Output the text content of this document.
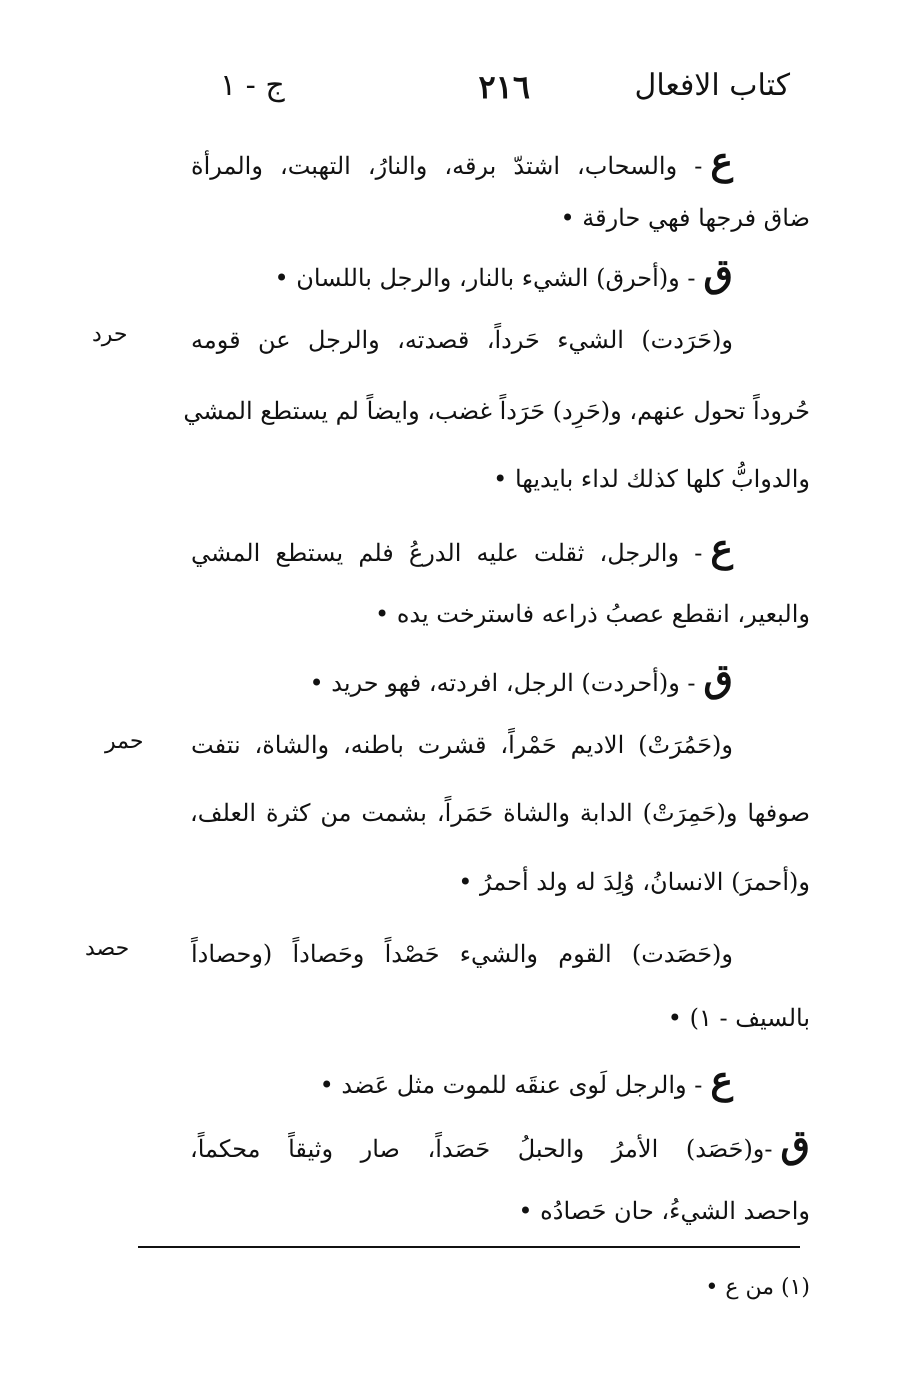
كتاب الافعال
٢١٦
ج - ١
ع- والسحاب، اشتدّ برقه، والنارُ، التهبت، والمرأة
ضاق فرجها فهي حارقة •
ق- و(أحرق) الشيء بالنار، والرجل باللسان •
و(حَرَدت) الشيء حَرداً، قصدته، والرجل عن قومه
حُروداً تحول عنهم، و(حَرِد) حَرَداً غضب، وايضاً لم يستطع المشي
والدوابُّ كلها كذلك لداء بايديها •
ع- والرجل، ثقلت عليه الدرعُ فلم يستطع المشي
والبعير، انقطع عصبُ ذراعه فاسترخت يده •
ق- و(أحردت) الرجل، افردته، فهو حريد •
و(حَمُرَتْ) الاديم حَمْراً، قشرت باطنه، والشاة، نتفت
صوفها و(حَمِرَتْ) الدابة والشاة حَمَراً، بشمت من كثرة العلف،
و(أحمرَ) الانسانُ، وُلِدَ له ولد أحمرُ •
و(حَصَدت) القوم والشيء حَصْداً وحَصاداً (وحصاداً
بالسيف - ١) •
ع- والرجل لَوى عنقَه للموت مثل عَضد •
ق-و(حَصَد) الأمرُ والحبلُ حَصَداً، صار وثيقاً محكماً،
واحصد الشيءُ، حان حَصادُه •
حرد
حمر
حصد
(١) من ع •
